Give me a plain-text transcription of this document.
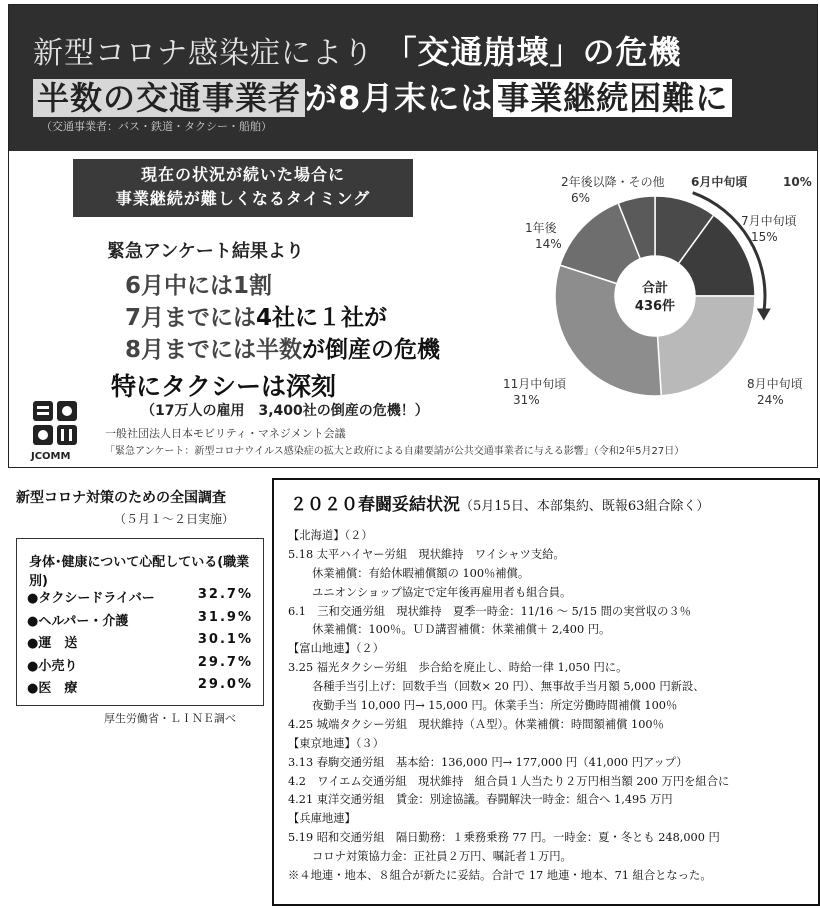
新型コロナ感染症により 「交通崩壊」の危機
半数の交通事業者 が8月末には 事業継続困難に
（交通事業者：バス・鉄道・タクシー・船舶）
現在の状況が続いた場合に
事業継続が難しくなるタイミング
緊急アンケート結果より
6月中には1割
7月までには4社に１社が
8月までには半数が倒産の危機
特にタクシーは深刻
（17万人の雇用　3,400社の倒産の危機！）
JCOMM
一般社団法人日本モビリティ・マネジメント会議
「緊急アンケート：新型コロナウイルス感染症の拡大と政府による自粛要請が公共交通事業者に与える影響」（令和2年5月27日）
6月中旬頃	10%
7月中旬頃
15%
8月中旬頃
24%
11月中旬頃
31%
1年後
14%
2年後以降・その他
6%
合計
436件
新型コロナ対策のための全国調査
（５月１～２日実施）
身体･健康について心配している(職業別)
●タクシードライバー	32.7%
●ヘルパー・介護	31.9%
●運　送	30.1%
●小売り	29.7%
●医　療	29.0%
厚生労働省・ＬＩＮＥ調べ
２０２０春闘妥結状況（5月15日、本部集約、既報63組合除く）
【北海道】（２）
5.18 太平ハイヤー労組　現状維持　ワイシャツ支給。
休業補償：有給休暇補償額の 100％補償。
ユニオンショップ協定で定年後再雇用者も組合員。
6.1　三和交通労組　現状維持　夏季一時金：11/16 ～ 5/15 間の実営収の３％
休業補償：100％。ＵＤ講習補償：休業補償＋ 2,400 円。
【富山地連】（２）
3.25 福光タクシー労組　歩合給を廃止し、時給一律 1,050 円に。
各種手当引上げ：回数手当（回数× 20 円）、無事故手当月額 5,000 円新設、
夜勤手当 10,000 円→ 15,000 円。休業手当：所定労働時間補償 100％
4.25 城端タクシー労組　現状維持（Ａ型）。休業補償：時間額補償 100％
【東京地連】（３）
3.13 春駒交通労組　基本給：136,000 円→ 177,000 円（41,000 円アップ）
4.2　ワイエム交通労組　現状維持　組合員１人当たり２万円相当額 200 万円を組合に
4.21 東洋交通労組　賃金：別途協議。春闘解決一時金：組合へ 1,495 万円
【兵庫地連】
5.19 昭和交通労組　隔日勤務：１乗務乗務 77 円。一時金：夏・冬とも 248,000 円
コロナ対策協力金：正社員２万円、嘱託者１万円。
※４地連・地本、８組合が新たに妥結。合計で 17 地連・地本、71 組合となった。
